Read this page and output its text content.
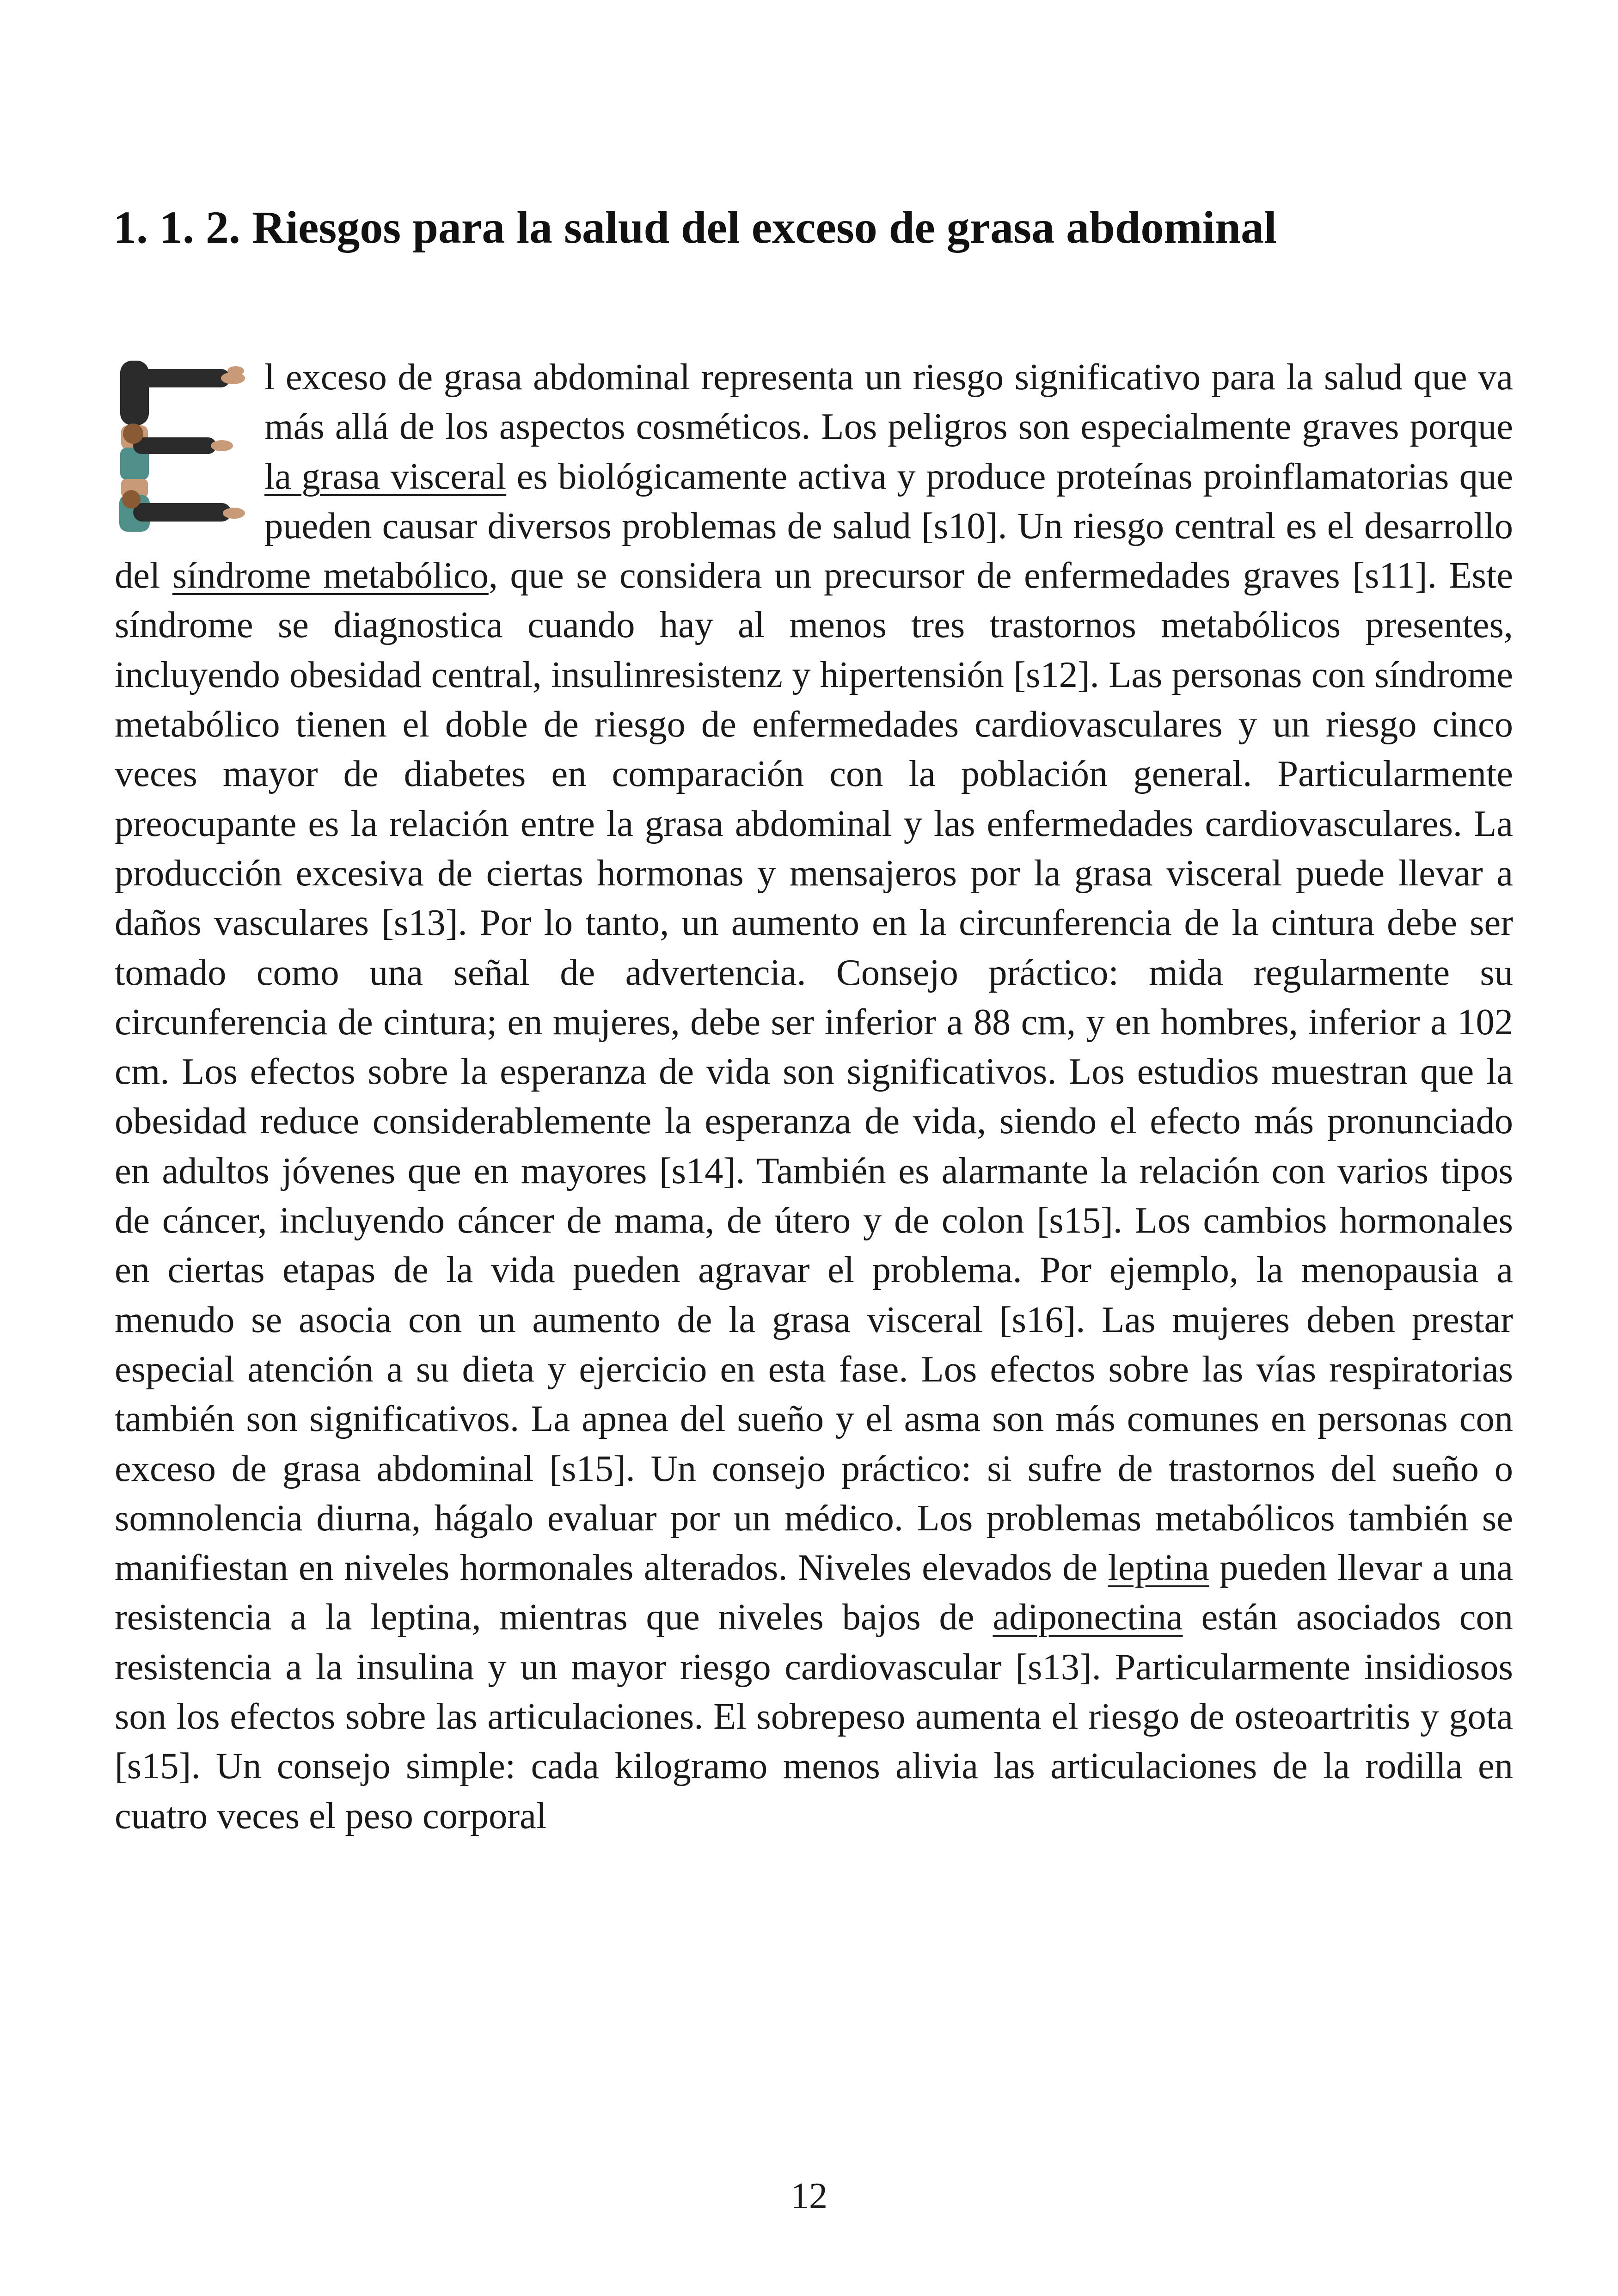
1. 1. 2. Riesgos para la salud del exceso de grasa abdominal

l exceso de grasa abdominal representa un riesgo significativo para la salud que va más allá de los aspectos cosméticos. Los peligros son especialmente graves porque la grasa visceral es biológicamente activa y produce proteínas proinflamatorias que pueden causar diversos problemas de salud [s10]. Un riesgo central es el desarrollo del síndrome metabólico, que se considera un precursor de enfermedades graves [s11]. Este síndrome se diagnostica cuando hay al menos tres trastornos metabólicos presentes, incluyendo obesidad central, insulinresistenz y hipertensión [s12]. Las personas con síndrome metabólico tienen el doble de riesgo de enfermedades cardiovasculares y un riesgo cinco veces mayor de diabetes en comparación con la población general. Particularmente preocupante es la relación entre la grasa abdominal y las enfermedades cardiovasculares. La producción excesiva de ciertas hormonas y mensajeros por la grasa visceral puede llevar a daños vasculares [s13]. Por lo tanto, un aumento en la circunferencia de la cintura debe ser tomado como una señal de advertencia. Consejo práctico: mida regularmente su circunferencia de cintura; en mujeres, debe ser inferior a 88 cm, y en hombres, inferior a 102 cm. Los efectos sobre la esperanza de vida son significativos. Los estudios muestran que la obesidad reduce considerablemente la esperanza de vida, siendo el efecto más pronunciado en adultos jóvenes que en mayores [s14]. También es alarmante la relación con varios tipos de cáncer, incluyendo cáncer de mama, de útero y de colon [s15]. Los cambios hormonales en ciertas etapas de la vida pueden agravar el problema. Por ejemplo, la menopausia a menudo se asocia con un aumento de la grasa visceral [s16]. Las mujeres deben prestar especial atención a su dieta y ejercicio en esta fase. Los efectos sobre las vías respiratorias también son significativos. La apnea del sueño y el asma son más comunes en personas con exceso de grasa abdominal [s15]. Un consejo práctico: si sufre de trastornos del sueño o somnolencia diurna, hágalo evaluar por un médico. Los problemas metabólicos también se manifiestan en niveles hormonales alterados. Niveles elevados de leptina pueden llevar a una resistencia a la leptina, mientras que niveles bajos de adiponectina están asociados con resistencia a la insulina y un mayor riesgo cardiovascular [s13]. Particularmente insidiosos son los efectos sobre las articulaciones. El sobrepeso aumenta el riesgo de osteoartritis y gota [s15]. Un consejo simple: cada kilogramo menos alivia las articulaciones de la rodilla en cuatro veces el peso corporal

12
